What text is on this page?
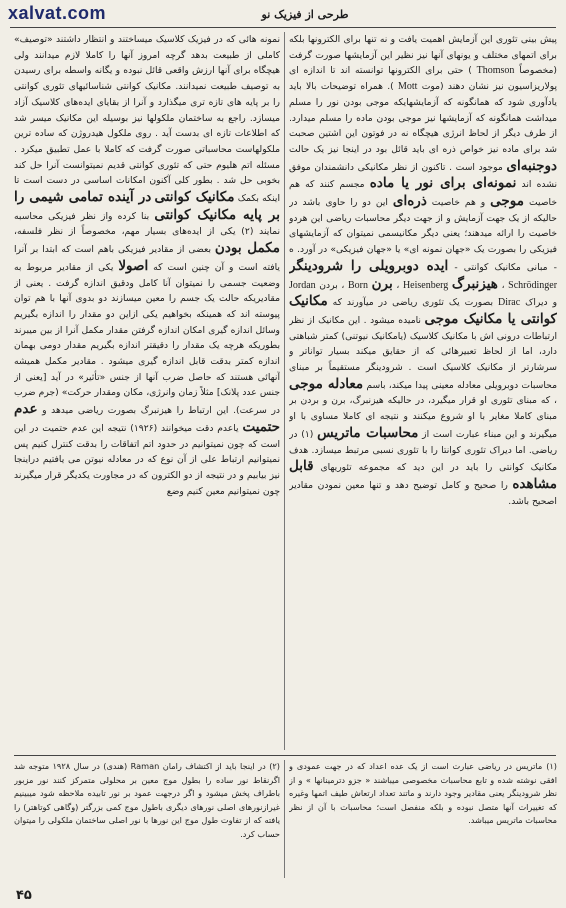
xalvat.com	طرحی از فیزیک نو

پیش بینی تئوری این آزمایش اهمیت یافت و نه تنها برای الکترونها بلکه برای اتمهای مختلف و یونهای آنها نیز نظیر این آزمایشها صورت گرفت (مخصوصاً Thomson ) حتی برای الکترونها توانسته اند تا اندازه ای پولاریزاسیون نیز نشان دهند (موت Mott ). همراه توضیحات بالا باید یادآوری شود که همانگونه که آزمایشهایکه موجی بودن نور را مسلم میداشت همانگونه که آزمایشها نیز موجی بودن ماده را مسلم میدارد. از طرف دیگر از لحاظ انرژی هیچگاه نه در فوتون این اشتین صحبت شد برای ماده نیز خواص ذره ای باید قائل بود در اینجا نیز یک حالت دوجنبه‌ای موجود است . تاکنون از نظر مکانیکی دانشمندان موفق نشده اند نمونه‌ای برای نور یا ماده مجسم کنند که هم خاصیت موجی و هم خاصیت ذره‌ای این دو را حاوی باشد در حالیکه از یک جهت آزمایش و از جهت دیگر محاسبات ریاضی این هردو خاصیت را ارائه میدهند؛ یعنی دیگر مکانیسمی نمیتوان که آزمایشهای فیزیکی را بصورت یک «جهان نمونه ای» یا «جهان فیزیکی» در آورد. ه - مبانی مکانیک کوانتی - ایده دوبرویلی را شرودینگر Schrödinger ، هیزنبرگ Heisenberg ، برن Born ، بردن Jordan و دیراک Dirac بصورت یک تئوری ریاضی در میآورند که مکانیک کوانتی یا مکانیک موجی نامیده میشود . این مکانیک از نظر ارتباطات درونی اش با مکانیک کلاسیک (یامکانیک نیوتنی) کمتر شباهتی دارد، اما از لحاظ تعبیرهائی که از حقایق میکند بسیار تواناتر و سرشارتر از مکانیک کلاسیک است . شرودینگر مستقیماً بر مبنای محاسبات دوبرویلی معادله معینی پیدا میکند، باسم معادله موجی ، که مبنای تئوری او قرار میگیرد، در حالیکه هیزنبرگ، برن و بردن بر مبنای کاملا مغایر با او شروع میکنند و نتیجه ای کاملا مساوی با او میگیرند و این مبناء عبارت است از محاسبات ماتریس (۱) در ریاضی. اما دیراک تئوری کوانتا را با تئوری نسبی مرتبط میسازد. هدف مکانیک کوانتی را باید در این دید که مجموعه تئوریهای قابل مشاهده را صحیح و کامل توضیح دهد و تنها معین نمودن مقادیر اصحیح باشد.

نمونه هائی که در فیزیک کلاسیک میساختند و انتظار داشتند «توصیف» کاملی از طبیعت بدهد گرچه امروز آنها را کاملا لازم میدانند ولی هیچگاه برای آنها ارزش واقعی قائل نبوده و یگانه واسطه برای رسیدن به توصیف طبیعت نمیدانند. مکانیک کوانتی شناسائیهای تئوری کوانتی را بر پایه های تازه تری میگذارد و آنرا از بقایای ایده‌های کلاسیک آزاد میسازد. راجع به ساختمان ملکولها نیز بوسیله این مکانیک میسر شد که اطلاعات تازه ای بدست آید . روی ملکول هیدروژن که ساده ترین ملکولهاست محاسباتی صورت گرفت که کاملا با عمل تطبیق میکرد . مسئله اتم هلیوم حتی که تئوری کوانتی قدیم نمیتوانست آنرا حل کند بخوبی حل شد . بطور کلی آکنون امکانات اساسی در دست است تا اینکه بکمک مکانیک کوانتی در آینده تمامی شیمی را بر پایه مکانیک کوانتی بنا کرده واز نظر فیزیکی محاسبه نمایند (۲) یکی از ایده‌های بسیار مهم، مخصوصاً از نظر فلسفه، مکمل بودن بعضی از مقادیر فیزیکی باهم است که ابتدا بر آنرا یافته است و آن چنین است که اصولا یکی از مقادیر مربوط به وضعیت جسمی را نمیتوان آنا کامل ودقیق اندازه گرفت . یعنی از مقادیریکه حالت یک جسم را معین میسازند دو بدوی آنها با هم توان پیوسته اند که همینکه بخواهیم یکی ازاین دو مقدار را اندازه بگیریم وسائل اندازه گیری امکان اندازه گرفتن مقدار مکمل آنرا از بین میبرند بطوریکه هرچه یک مقدار را دقیقتر اندازه بگیریم مقدار دومی بهمان اندازه کمتر بدقت قابل اندازه گیری میشود . مقادیر مکمل همیشه آنهائی هستند که حاصل ضرب آنها از جنس «تأثیر» در آید [یعنی از جنس عدد پلانک] مثلاً زمان وانرژی، مکان ومقدار حرکت» (جرم ضرب در سرعت). این ارتباط را هیزنبرگ بصورت ریاضی میدهد و عدم حتمیت یاعدم دقت میخوانند (۱۹۲۶) نتیجه این عدم حتمیت در این است که چون نمیتوانیم در حدود اتم اتفاقات را بدقت کنترل کنیم پس نمیتوانیم ارتباط علی از آن نوع که در معادله نیوتن می یافتیم دراینجا نیز بیابیم و در نتیجه از دو الکترون که در مجاورت یکدیگر قرار میگیرند چون نمیتوانیم معین کنیم وضع

(۱) ماتریس در ریاضی عبارت است از یک عده اعداد که در جهت عمودی و افقی نوشته شده و تابع محاسبات مخصوصی میباشند « جزو دترمینانها » و از نظر شرودینگر یعنی مقادیر وجود دارند و ماتند تعداد ارتعاش طیف اتمها وغیره که تغییرات آنها متصل نبوده و بلکه منفصل است؛ محاسبات با آن از نظر محاسبات ماتریس میباشد.
(۲) در اینجا باید از اکتشاف رامان Raman (هندی) در سال ۱۹۲۸ متوجه شد اگرنقاط نور ساده را بطول موج معین بر محلولی متمرکز کنند نور مزبور باطراف پخش میشود و اگر درجهت عمود بر نور تابیده ملاحظه شود میبینیم غیرازنورهای اصلی نورهای دیگری باطول موج کمی بزرگتر (وگاهی کوتاهتر) را یافته که از تفاوت طول موج این نورها با نور اصلی ساختمان ملکولی را میتوان حساب کرد.
۴۵
